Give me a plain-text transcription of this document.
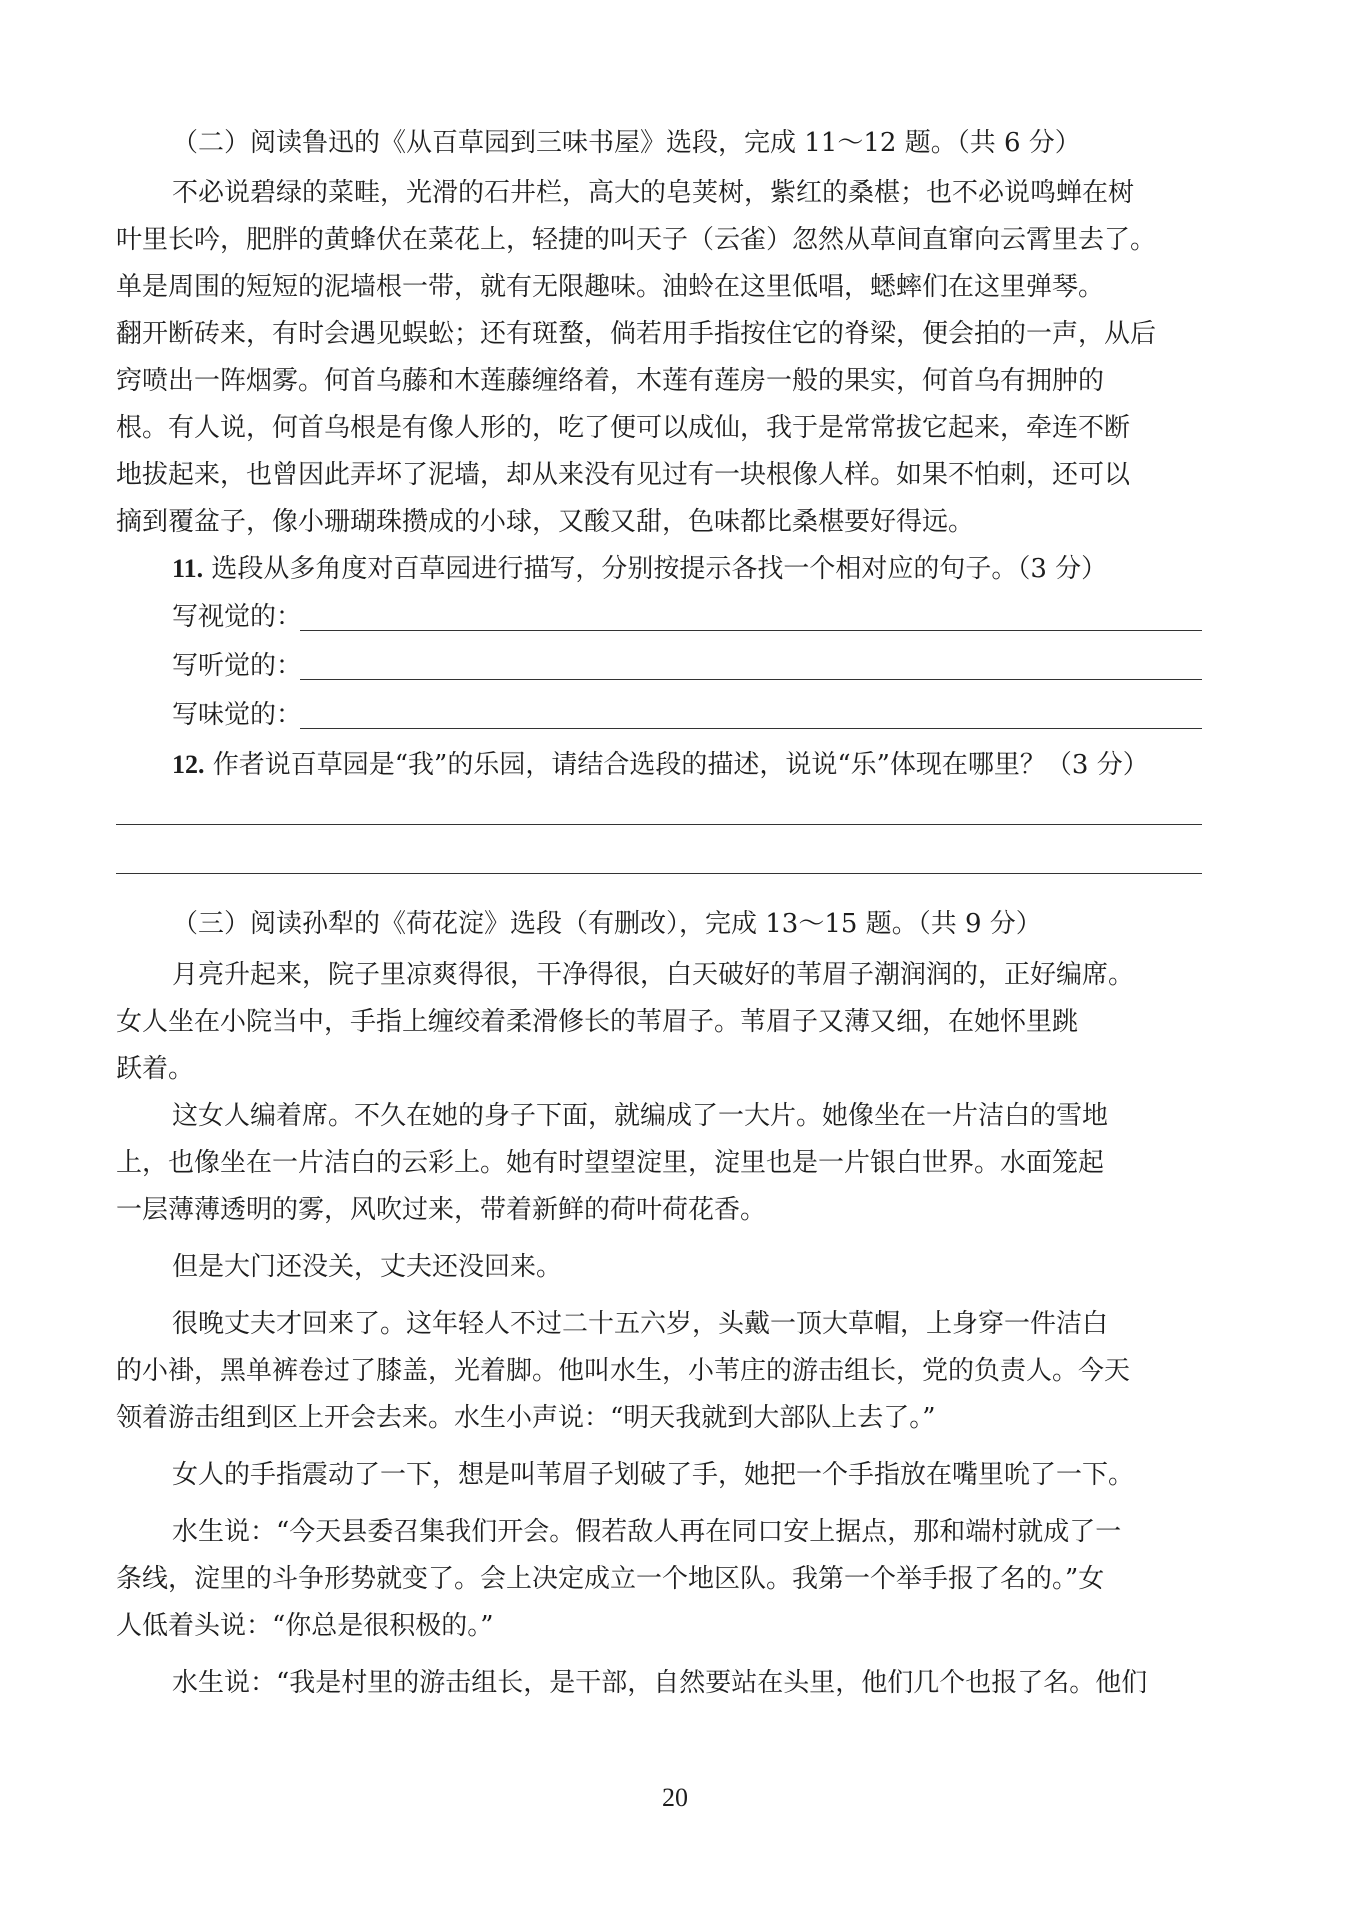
（二）阅读鲁迅的《从百草园到三味书屋》选段，完成 11～12 题。（共 6 分）
不必说碧绿的菜畦，光滑的石井栏，高大的皂荚树，紫红的桑椹；也不必说鸣蝉在树
叶里长吟，肥胖的黄蜂伏在菜花上，轻捷的叫天子（云雀）忽然从草间直窜向云霄里去了。
单是周围的短短的泥墙根一带，就有无限趣味。油蛉在这里低唱，蟋蟀们在这里弹琴。
翻开断砖来，有时会遇见蜈蚣；还有斑蝥，倘若用手指按住它的脊梁，便会拍的一声，从后
窍喷出一阵烟雾。何首乌藤和木莲藤缠络着，木莲有莲房一般的果实，何首乌有拥肿的
根。有人说，何首乌根是有像人形的，吃了便可以成仙，我于是常常拔它起来，牵连不断
地拔起来，也曾因此弄坏了泥墙，却从来没有见过有一块根像人样。如果不怕刺，还可以
摘到覆盆子，像小珊瑚珠攒成的小球，又酸又甜，色味都比桑椹要好得远。
11. 选段从多角度对百草园进行描写，分别按提示各找一个相对应的句子。（3 分）
写视觉的：
写听觉的：
写味觉的：
12. 作者说百草园是“我”的乐园，请结合选段的描述，说说“乐”体现在哪里？（3 分）
（三）阅读孙犁的《荷花淀》选段（有删改），完成 13～15 题。（共 9 分）
月亮升起来，院子里凉爽得很，干净得很，白天破好的苇眉子潮润润的，正好编席。
女人坐在小院当中，手指上缠绞着柔滑修长的苇眉子。苇眉子又薄又细，在她怀里跳
跃着。
这女人编着席。不久在她的身子下面，就编成了一大片。她像坐在一片洁白的雪地
上，也像坐在一片洁白的云彩上。她有时望望淀里，淀里也是一片银白世界。水面笼起
一层薄薄透明的雾，风吹过来，带着新鲜的荷叶荷花香。
但是大门还没关，丈夫还没回来。
很晚丈夫才回来了。这年轻人不过二十五六岁，头戴一顶大草帽，上身穿一件洁白
的小褂，黑单裤卷过了膝盖，光着脚。他叫水生，小苇庄的游击组长，党的负责人。今天
领着游击组到区上开会去来。水生小声说：“明天我就到大部队上去了。”
女人的手指震动了一下，想是叫苇眉子划破了手，她把一个手指放在嘴里吮了一下。
水生说：“今天县委召集我们开会。假若敌人再在同口安上据点，那和端村就成了一
条线，淀里的斗争形势就变了。会上决定成立一个地区队。我第一个举手报了名的。”女
人低着头说：“你总是很积极的。”
水生说：“我是村里的游击组长，是干部，自然要站在头里，他们几个也报了名。他们
20
